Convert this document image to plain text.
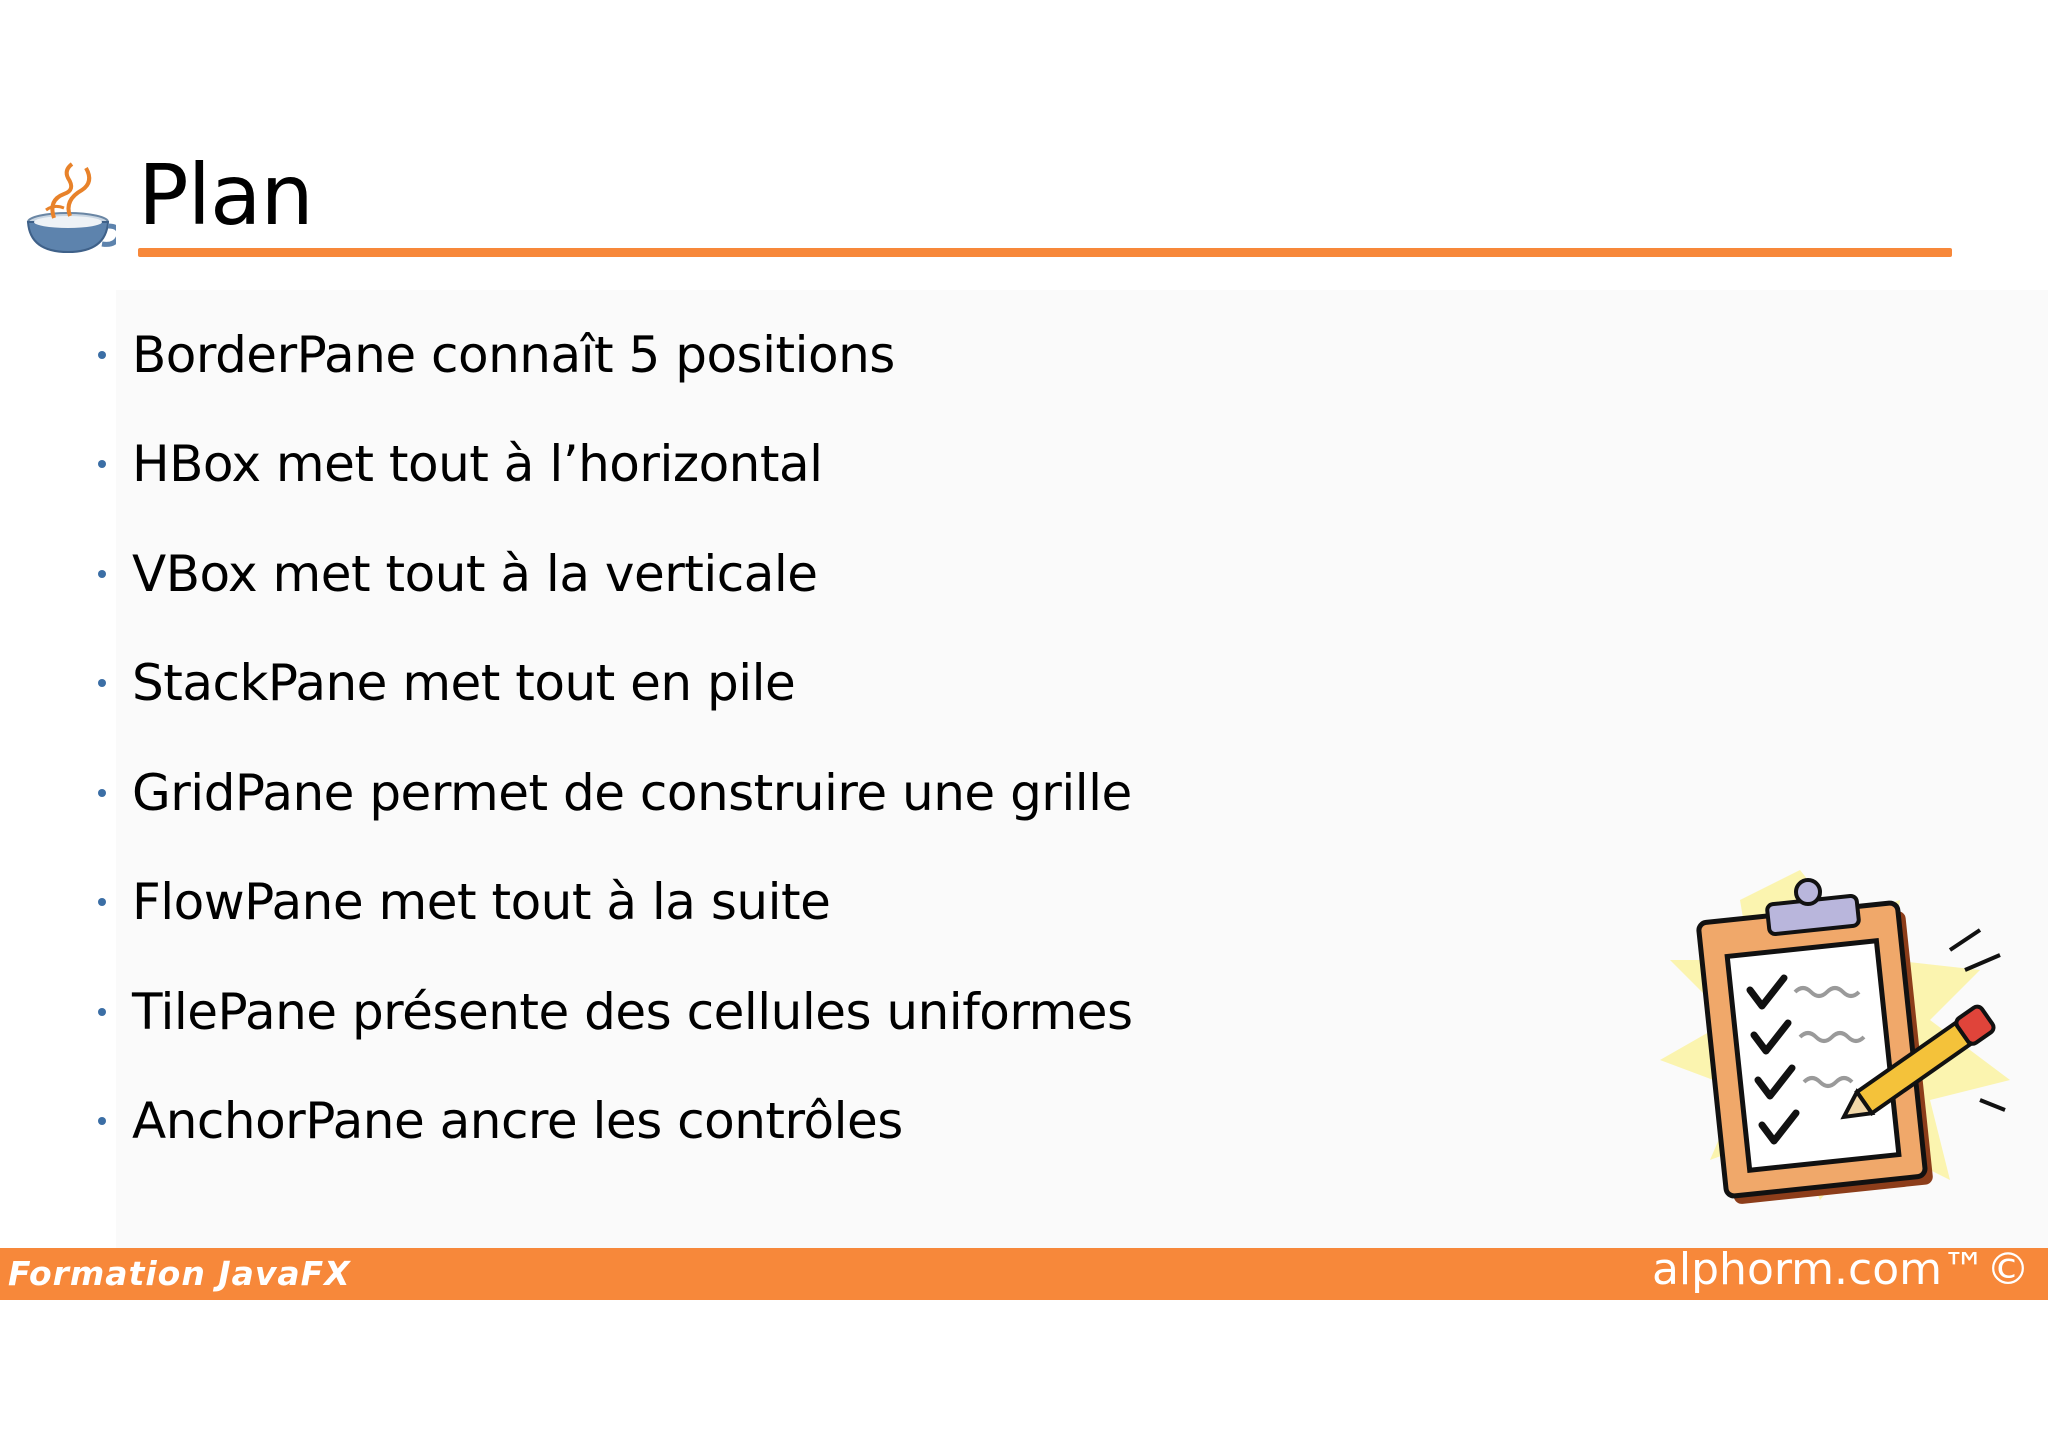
Plan
BorderPane connaît 5 positions
HBox met tout à l’horizontal
VBox met tout à la verticale
StackPane met tout en pile
GridPane permet de construire une grille
FlowPane met tout à la suite
TilePane présente des cellules uniformes
AnchorPane ancre les contrôles
Formation JavaFX	alphorm.com™©
